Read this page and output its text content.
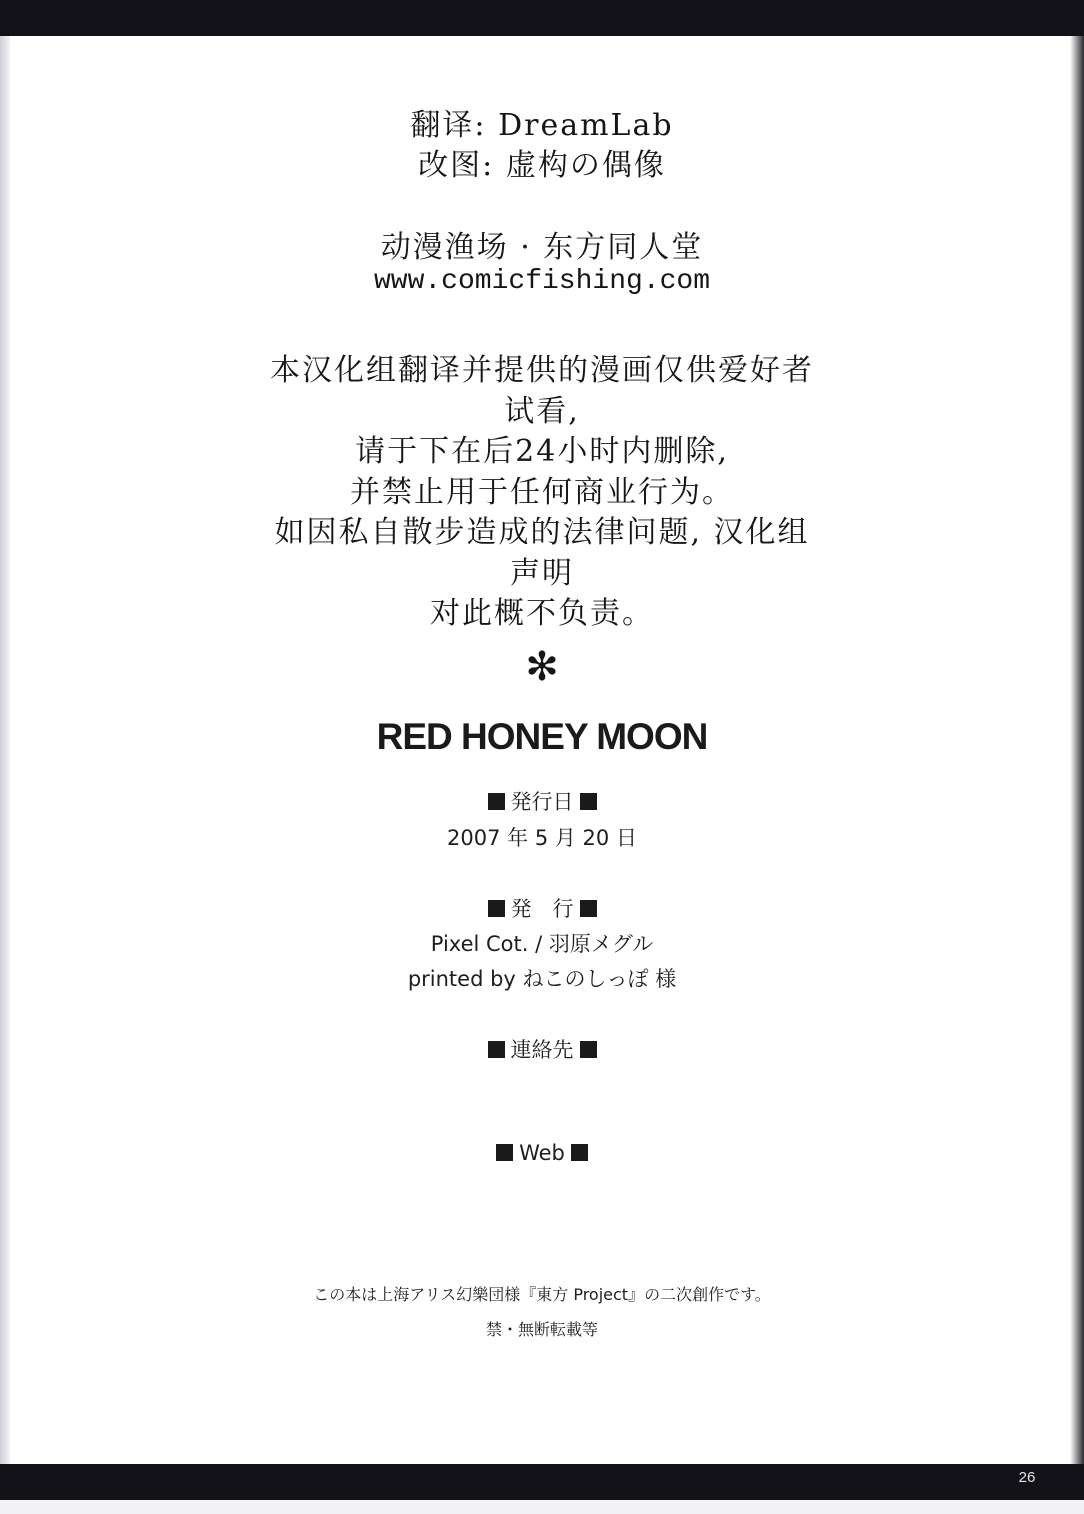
翻译: DreamLab
改图: 虚构の偶像
动漫渔场 · 东方同人堂
www.comicfishing.com
本汉化组翻译并提供的漫画仅供爱好者
试看,
请于下在后24小时内删除,
并禁止用于任何商业行为。
如因私自散步造成的法律问题, 汉化组
声明
对此概不负责。
✻
RED HONEY MOON
発行日
2007 年 5 月 20 日
発　行
Pixel Cot. / 羽原メグル
printed by ねこのしっぽ 様
連絡先
Web
この本は上海アリス幻樂団様『東方 Project』の二次創作です。
禁・無断転載等
26
